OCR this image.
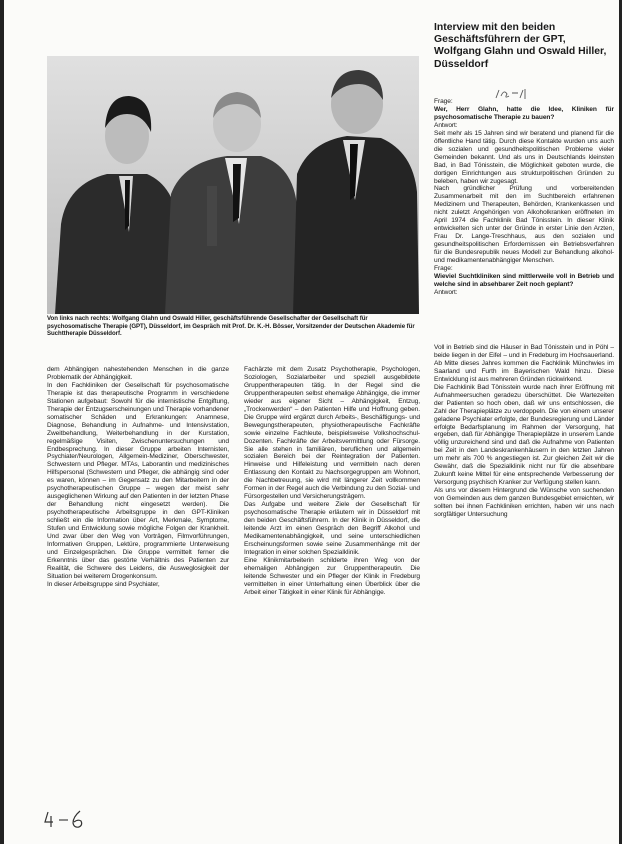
Interview mit den beiden Geschäftsführern der GPT, Wolfgang Glahn und Oswald Hiller, Düsseldorf
Von links nach rechts: Wolfgang Glahn und Oswald Hiller, geschäftsführende Gesellschafter der Gesellschaft für psychosomatische Therapie (GPT), Düsseldorf, im Gespräch mit Prof. Dr. K.-H. Bösser, Vorsitzender der Deutschen Akademie für Suchttherapie Düsseldorf.

dem Abhängigen nahestehenden Menschen in die ganze Problematik der Abhängigkeit.

In den Fachkliniken der Gesellschaft für psychosomatische Therapie ist das therapeutische Programm in verschiedene Stationen aufgebaut: Sowohl für die internistische Entgiftung, Therapie der Entzugserscheinungen und Therapie vorhandener somatischer Schäden und Erkrankungen: Anamnese, Diagnose, Behandlung in Aufnahme- und Intensivstation, Zweitbehandlung, Weiterbehandlung in der Kurstation, regelmäßige Visiten, Zwischenuntersuchungen und Endbesprechung. In dieser Gruppe arbeiten Internisten, Psychiater/Neurologen, Allgemein-Mediziner, Oberschwester, Schwestern und Pfleger. MTAs, Laborantin und medizinisches Hilfspersonal (Schwestern und Pfleger, die abhängig sind oder es waren, können – im Gegensatz zu den Mitarbeitern in der psychotherapeutischen Gruppe – wegen der meist sehr ausgeglichenen Wirkung auf den Patienten in der letzten Phase der Behandlung nicht eingesetzt werden). Die psychotherapeutische Arbeitsgruppe in den GPT-Kliniken schließt ein die Information über Art, Merkmale, Symptome, Stufen und Entwicklung sowie mögliche Folgen der Krankheit. Und zwar über den Weg von Vorträgen, Filmvorführungen, Informativen Gruppen, Lektüre, programmierte Unterweisung und Einzelgesprächen. Die Gruppe vermittelt ferner die Erkenntnis über das gestörte Verhältnis des Patienten zur Realität, die Schwere des Leidens, die Ausweglosigkeit der Situation bei weiterem Drogenkonsum.

In dieser Arbeitsgruppe sind Psychiater,

Fachärzte mit dem Zusatz Psychotherapie, Psychologen, Soziologen, Sozialarbeiter und speziell ausgebildete Gruppentherapeuten tätig. In der Regel sind die Gruppentherapeuten selbst ehemalige Abhängige, die immer wieder aus eigener Sicht – Abhängigkeit, Entzug, „Trockenwerden“ – den Patienten Hilfe und Hoffnung geben. Die Gruppe wird ergänzt durch Arbeits-, Beschäftigungs- und Bewegungstherapeuten, physiotherapeutische Fachkräfte sowie einzelne Fachleute, beispielsweise Volkshochschul-Dozenten. Fachkräfte der Arbeitsvermittlung oder Fürsorge. Sie alle stehen in familiären, beruflichen und allgemein sozialen Bereich bei der Reintegration der Patienten. Hinweise und Hilfeleistung und vermitteln nach deren Entlassung den Kontakt zu Nachsorgegruppen am Wohnort, die Nachbetreuung, sie wird mit längerer Zeit vollkommen Formen in der Regel auch die Verbindung zu den Sozial- und Fürsorgestellen und Versicherungsträgern.

Das Aufgabe und weitere Ziele der Gesellschaft für psychosomatische Therapie erläutern wir in Düsseldorf mit den beiden Geschäftsführern. In der Klinik in Düsseldorf, die leitende Arzt im einen Gespräch den Begriff Alkohol und Medikamentenabhängigkeit, und seine unterschiedlichen Erscheinungsformen sowie seine Zusammenhänge mit der Integration in einer solchen Spezialklinik.

Eine Klinikmitarbeiterin schilderte ihren Weg von der ehemaligen Abhängigen zur Gruppentherapeutin. Die leitende Schwester und ein Pfleger der Klinik in Fredeburg vermittelten in einer Unterhaltung einen Überblick über die Arbeit einer Tätigkeit in einer Klinik für Abhängige.

Frage:

Wer, Herr Glahn, hatte die Idee, Kliniken für psychosomatische Therapie zu bauen?

Antwort:

Seit mehr als 15 Jahren sind wir beratend und planend für die öffentliche Hand tätig. Durch diese Kontakte wurden uns auch die sozialen und gesundheitspolitischen Probleme vieler Gemeinden bekannt. Und als uns in Deutschlands kleinsten Bad, in Bad Tönisstein, die Möglichkeit geboten wurde, die dortigen Einrichtungen aus strukturpolitischen Gründen zu beleben, haben wir zugesagt.

Nach gründlicher Prüfung und vorbereitenden Zusammenarbeit mit den im Suchtbereich erfahrenen Medizinern und Therapeuten, Behörden, Krankenkassen und nicht zuletzt Angehörigen von Alkoholkranken eröffneten im April 1974 die Fachklinik Bad Tönisstein. In dieser Klinik entwickelten sich unter der Gründe in erster Linie den Arzten, Frau Dr. Lange-Treschhaus, aus den sozialen und gesundheitspolitischen Erfordernissen ein Betriebsverfahren für die Bundesrepublik neues Modell zur Behandlung alkohol- und medikamentenabhängiger Menschen.

Frage:

Wieviel Suchtkliniken sind mittlerweile voll in Betrieb und welche sind in absehbarer Zeit noch geplant?

Antwort:

Voll in Betrieb sind die Häuser in Bad Tönisstein und in Pöhl – beide liegen in der Eifel – und in Fredeburg im Hochsauerland. Ab Mitte dieses Jahres kommen die Fachklinik Münchwies im Saarland und Furth im Bayerischen Wald hinzu. Diese Entwicklung ist aus mehreren Gründen rückwirkend.

Die Fachklinik Bad Tönisstein wurde nach ihrer Eröffnung mit Aufnahmeersuchen geradezu überschüttet. Die Wartezeiten der Patienten so hoch oben, daß wir uns entschlossen, die Zahl der Therapieplätze zu verdoppeln. Die von einem unserer geladene Psychiater erfolgte, der Bundesregierung und Länder erfolgte Bedarfsplanung im Rahmen der Versorgung, hat ergeben, daß für Abhängige Therapieplätze in unserem Lande völlig unzureichend sind und daß die Aufnahme von Patienten bei Zeit in den Landeskrankenhäusern in den letzten Jahren um mehr als 700 % angestiegen ist. Zur gleichen Zeit wir die Gewähr, daß die Spezialklinik nicht nur für die absehbare Zukunft keine Mittel für eine entsprechende Verbesserung der Versorgung psychisch Kranker zur Verfügung stellen kann.

Als uns vor diesem Hintergrund die Wünsche von suchenden von Gemeinden aus dem ganzen Bundesgebiet erreichten, wir sollten bei ihnen Fachkliniken errichten, haben wir uns nach sorgfältiger Untersuchung
